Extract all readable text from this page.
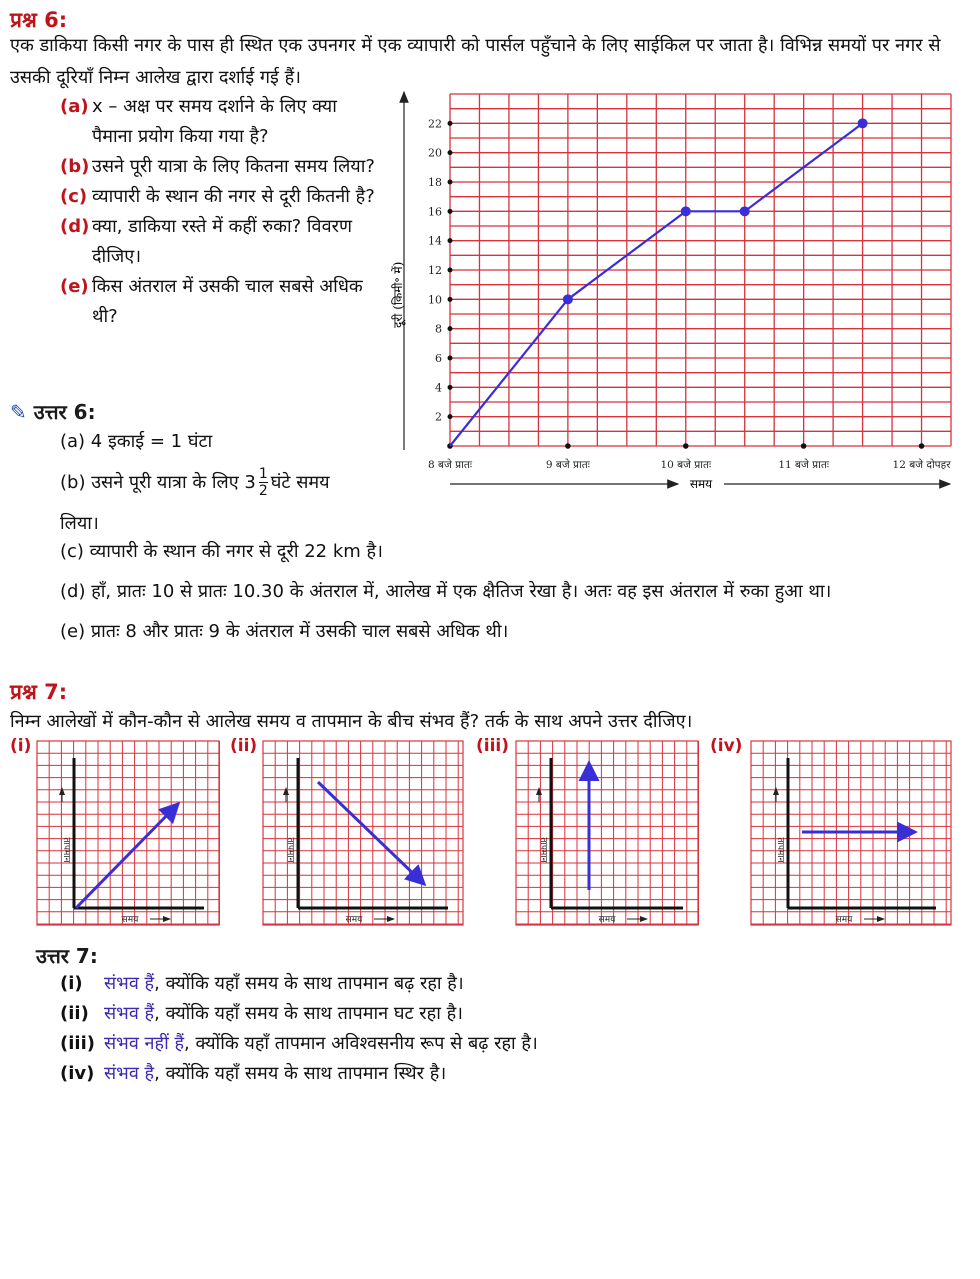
प्रश्न 6:
एक डाकिया किसी नगर के पास ही स्थित एक उपनगर में एक व्यापारी को पार्सल पहुँचाने के लिए साईकिल पर जाता है। विभिन्न समयों पर नगर से उसकी दूरियाँ निम्न आलेख द्वारा दर्शाई गई हैं।
(a) x – अक्ष पर समय दर्शाने के लिए क्या पैमाना प्रयोग किया गया है?
(b) उसने पूरी यात्रा के लिए कितना समय लिया?
(c) व्यापारी के स्थान की नगर से दूरी कितनी है?
(d) क्या, डाकिया रस्ते में कहीं रुका? विवरण दीजिए।
(e) किस अंतराल में उसकी चाल सबसे अधिक थी?
2
4
6
8
10
12
14
16
18
20
22
8 बजे प्रातः	9 बजे प्रातः	10 बजे प्रातः	11 बजे प्रातः	12 बजे दोपहर
दूरी (किमी॰ में)
समय
✎ उत्तर 6:
(a) 4 इकाई = 1 घंटा
(b) उसने पूरी यात्रा के लिए $3 \frac{1}{2}$ घंटे समय
लिया।
(c) व्यापारी के स्थान की नगर से दूरी 22 km है।
(d) हाँ, प्रातः 10 से प्रातः 10.30 के अंतराल में, आलेख में एक क्षैतिज रेखा है। अतः वह इस अंतराल में रुका हुआ था।
(e) प्रातः 8 और प्रातः 9 के अंतराल में उसकी चाल सबसे अधिक थी।
प्रश्न 7:
निम्न आलेखों में कौन-कौन से आलेख समय व तापमान के बीच संभव हैं? तर्क के साथ अपने उत्तर दीजिए।
(i)
तापमान
समय
(ii)
तापमान
समय
(iii)
तापमान
समय
(iv)
तापमान
समय
उत्तर 7:
(i) संभव हैं, क्योंकि यहाँ समय के साथ तापमान बढ़ रहा है।
(ii) संभव हैं, क्योंकि यहाँ समय के साथ तापमान घट रहा है।
(iii) संभव नहीं हैं, क्योंकि यहाँ तापमान अविश्वसनीय रूप से बढ़ रहा है।
(iv) संभव है, क्योंकि यहाँ समय के साथ तापमान स्थिर है।
